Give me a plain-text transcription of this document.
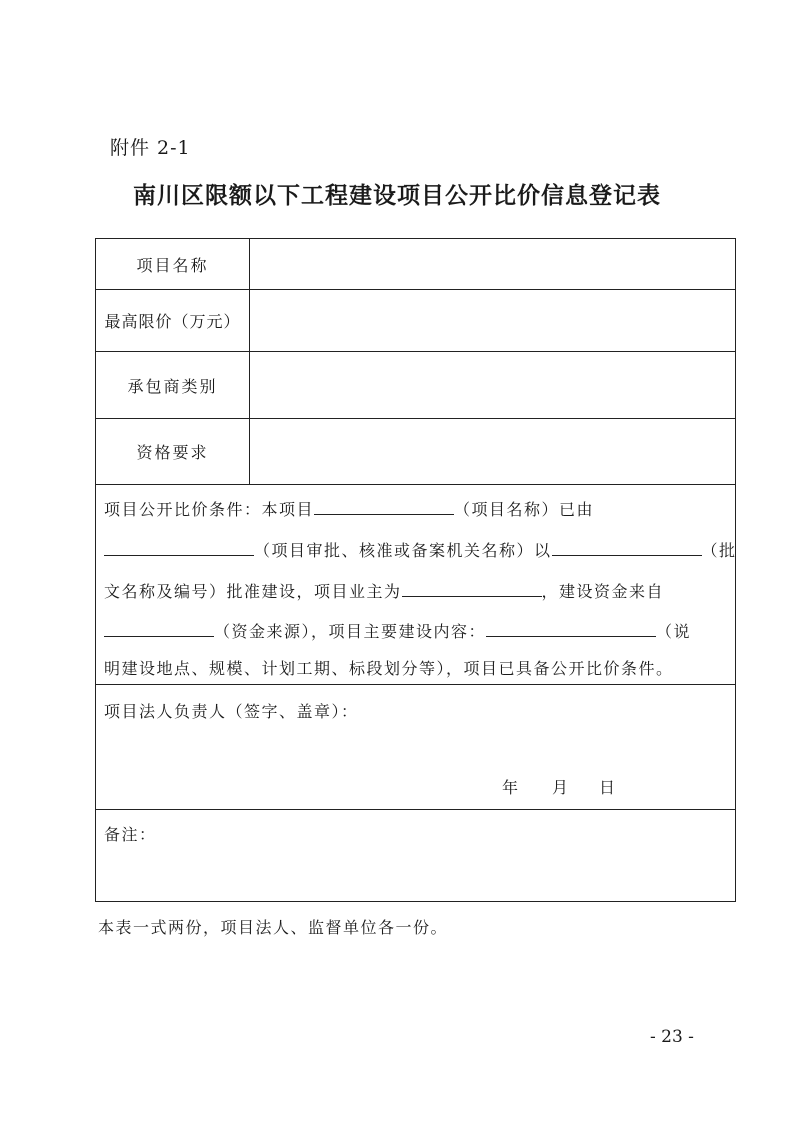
附件 2-1
南川区限额以下工程建设项目公开比价信息登记表
项目名称
最高限价（万元）
承包商类别
资格要求
项目公开比价条件：本项目	（项目名称）已由
（项目审批、核准或备案机关名称）以	（批
文名称及编号）批准建设，项目业主为	，建设资金来自
（资金来源），项目主要建设内容：	（说
明建设地点、规模、计划工期、标段划分等），项目已具备公开比价条件。
项目法人负责人（签字、盖章）：
年 月 日
备注：
本表一式两份，项目法人、监督单位各一份。
- 23 -
